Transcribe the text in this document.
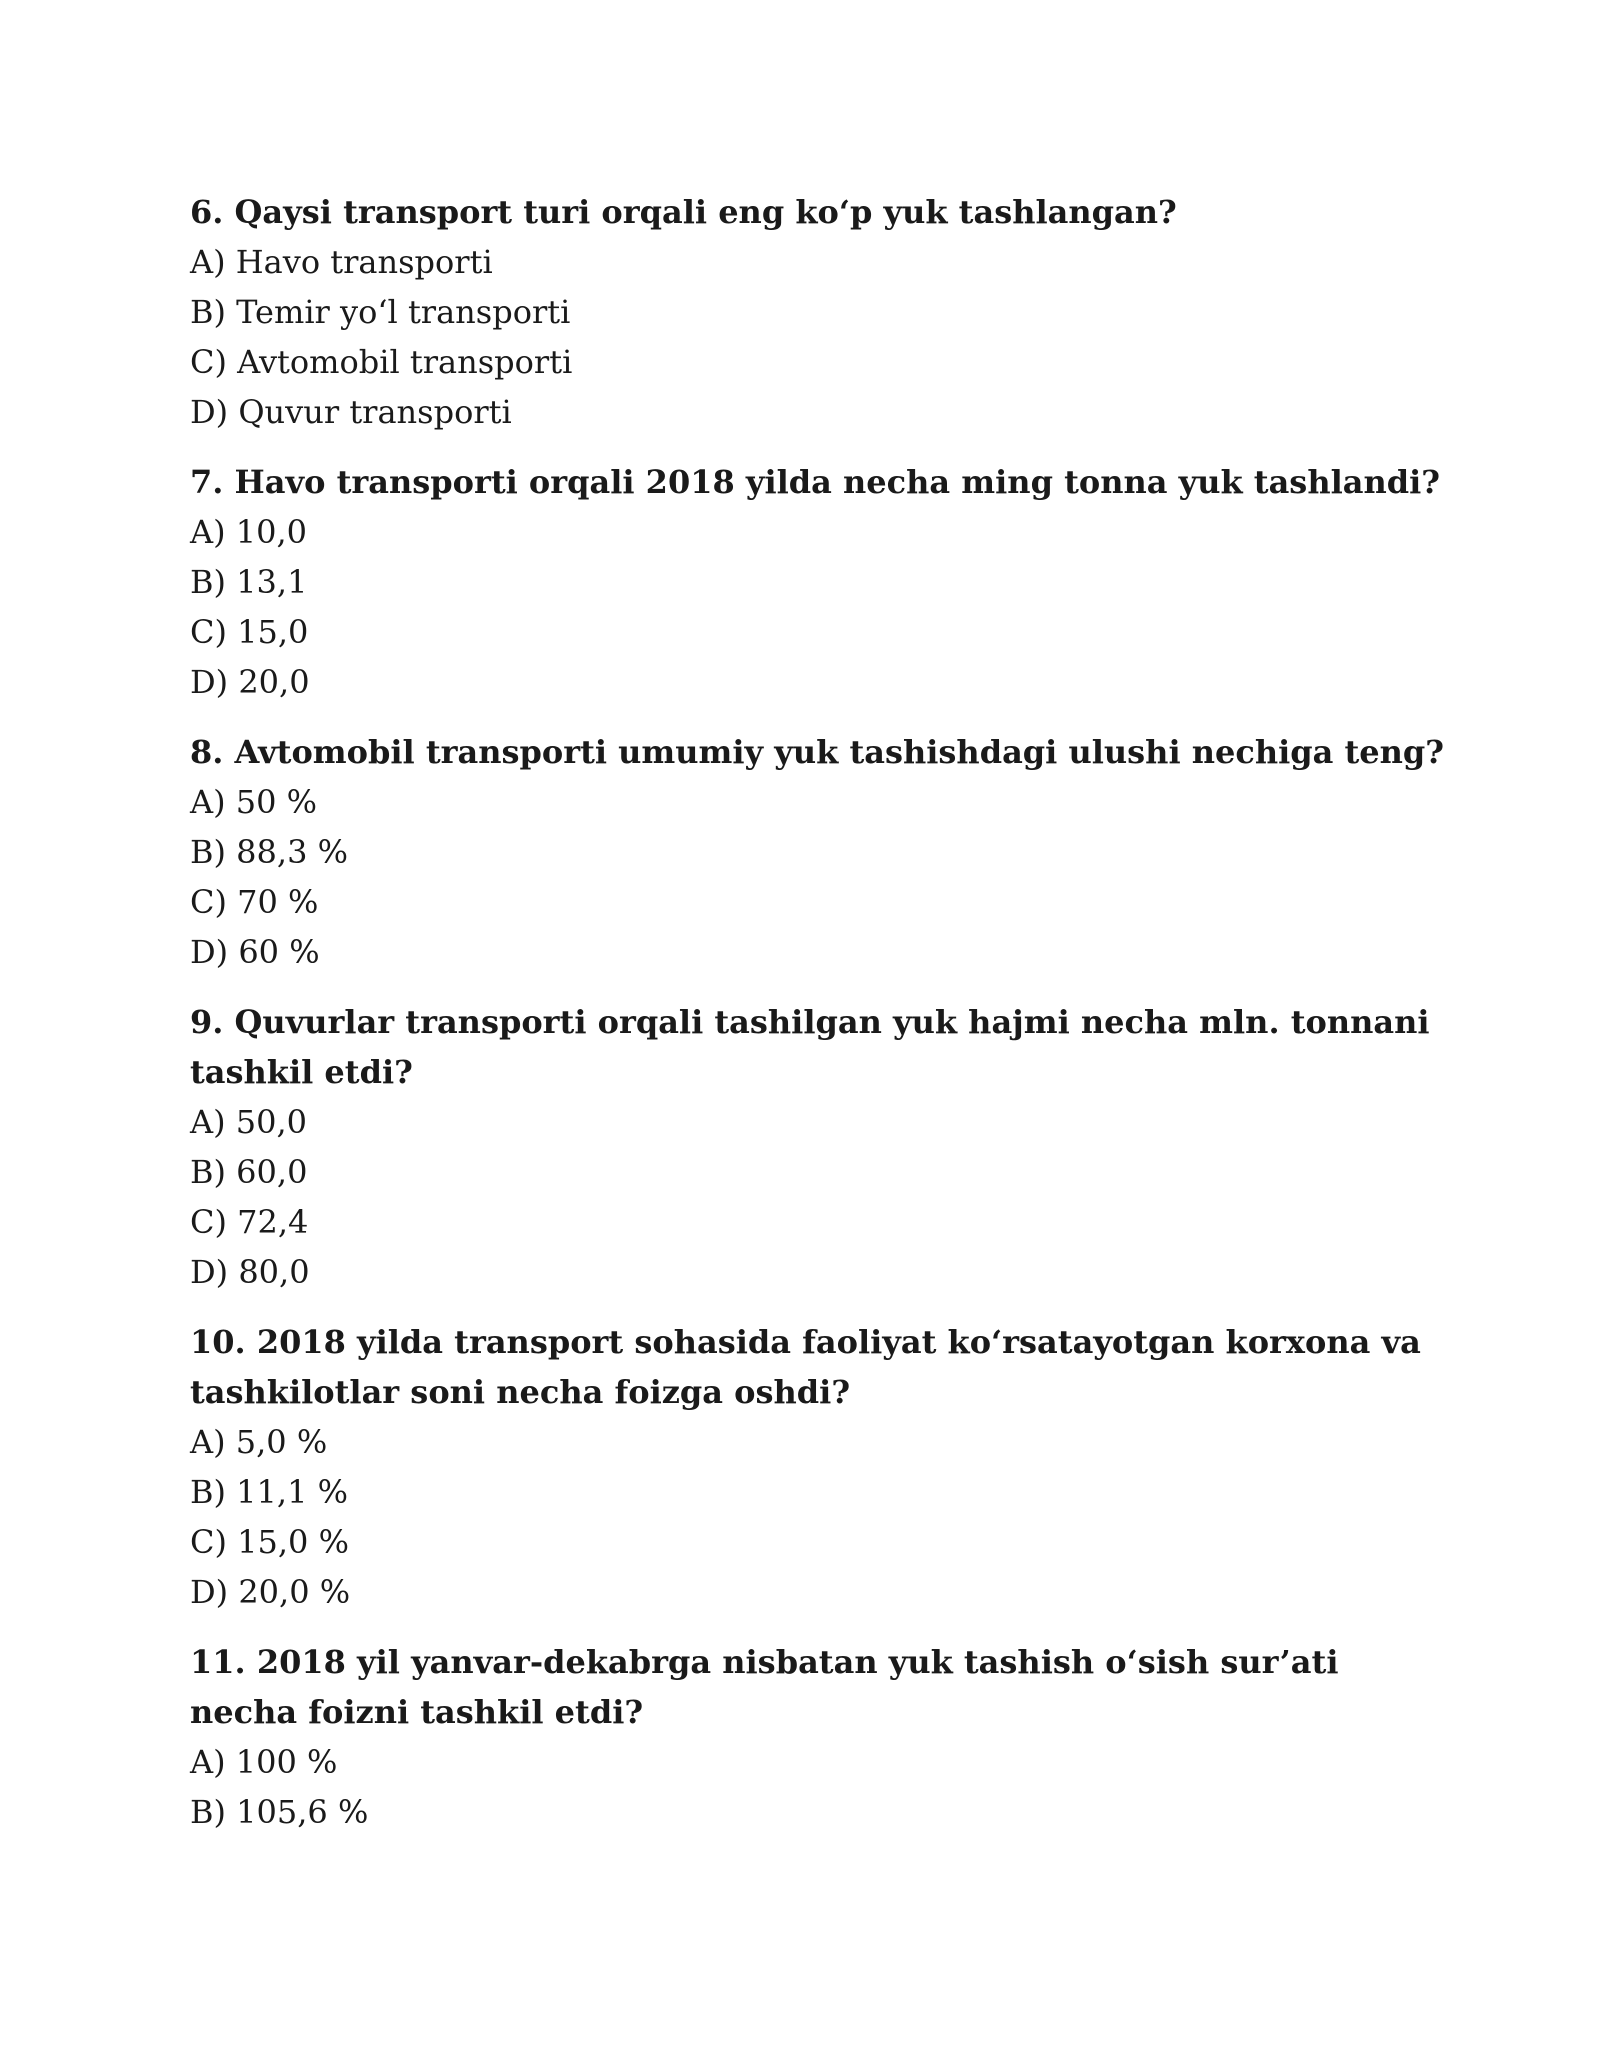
6. Qaysi transport turi orqali eng ko‘p yuk tashlangan?

A) Havo transporti
B) Temir yo‘l transporti
C) Avtomobil transporti
D) Quvur transporti

7. Havo transporti orqali 2018 yilda necha ming tonna yuk tashlandi?

A) 10,0
B) 13,1
C) 15,0
D) 20,0

8. Avtomobil transporti umumiy yuk tashishdagi ulushi nechiga teng?

A) 50 %
B) 88,3 %
C) 70 %
D) 60 %

9. Quvurlar transporti orqali tashilgan yuk hajmi necha mln. tonnani tashkil etdi?

A) 50,0
B) 60,0
C) 72,4
D) 80,0

10. 2018 yilda transport sohasida faoliyat ko‘rsatayotgan korxona va tashkilotlar soni necha foizga oshdi?

A) 5,0 %
B) 11,1 %
C) 15,0 %
D) 20,0 %

11. 2018 yil yanvar-dekabrga nisbatan yuk tashish o‘sish sur’ati necha foizni tashkil etdi?

A) 100 %
B) 105,6 %
